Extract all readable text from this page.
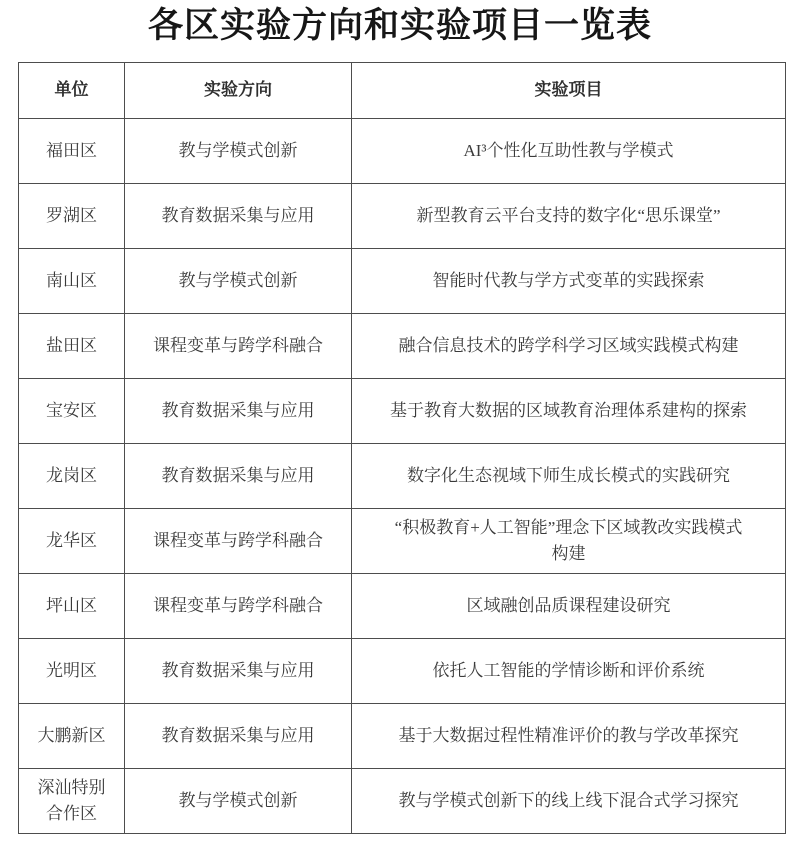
各区实验方向和实验项目一览表
单位	实验方向	实验项目
福田区	教与学模式创新	AI³个性化互助性教与学模式
罗湖区	教育数据采集与应用	新型教育云平台支持的数字化“思乐课堂”
南山区	教与学模式创新	智能时代教与学方式变革的实践探索
盐田区	课程变革与跨学科融合	融合信息技术的跨学科学习区域实践模式构建
宝安区	教育数据采集与应用	基于教育大数据的区域教育治理体系建构的探索
龙岗区	教育数据采集与应用	数字化生态视域下师生成长模式的实践研究
龙华区	课程变革与跨学科融合	“积极教育+人工智能”理念下区域教改实践模式构建
坪山区	课程变革与跨学科融合	区域融创品质课程建设研究
光明区	教育数据采集与应用	依托人工智能的学情诊断和评价系统
大鹏新区	教育数据采集与应用	基于大数据过程性精准评价的教与学改革探究
深汕特别合作区	教与学模式创新	教与学模式创新下的线上线下混合式学习探究
